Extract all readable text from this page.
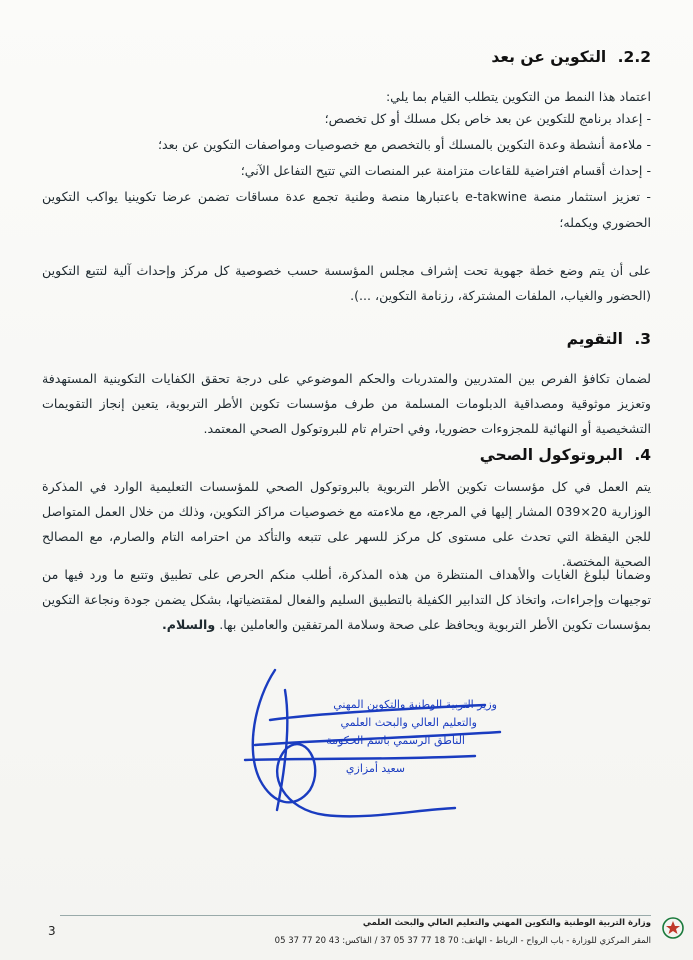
2.2. التكوين عن بعد

اعتماد هذا النمط من التكوين يتطلب القيام بما يلي:

- إعداد برنامج للتكوين عن بعد خاص بكل مسلك أو كل تخصص؛
- ملاءمة أنشطة وعدة التكوين بالمسلك أو بالتخصص مع خصوصيات ومواصفات التكوين عن بعد؛
- إحداث أقسام افتراضية للقاعات متزامنة عبر المنصات التي تتيح التفاعل الآني؛
- تعزيز استثمار منصة e-takwine باعتبارها منصة وطنية تجمع عدة مساقات تضمن عرضا تكوينيا يواكب التكوين الحضوري ويكمله؛

على أن يتم وضع خطة جهوية تحت إشراف مجلس المؤسسة حسب خصوصية كل مركز وإحداث آلية لتتبع التكوين (الحضور والغياب، الملفات المشتركة، رزنامة التكوين، ...).

3. التقويم

لضمان تكافؤ الفرص بين المتدربين والمتدربات والحكم الموضوعي على درجة تحقق الكفايات التكوينية المستهدفة وتعزيز موثوقية ومصداقية الدبلومات المسلمة من طرف مؤسسات تكوين الأطر التربوية، يتعين إنجاز التقويمات التشخيصية أو النهائية للمجزوءات حضوريا، وفي احترام تام للبروتوكول الصحي المعتمد.

4. البروتوكول الصحي

يتم العمل في كل مؤسسات تكوين الأطر التربوية بالبروتوكول الصحي للمؤسسات التعليمية الوارد في المذكرة الوزارية 20×039 المشار إليها في المرجع، مع ملاءمته مع خصوصيات مراكز التكوين، وذلك من خلال العمل المتواصل للجن اليقظة التي تحدث على مستوى كل مركز للسهر على تتبعه والتأكد من احترامه التام والصارم، مع المصالح الصحية المختصة.

وضمانا لبلوغ الغايات والأهداف المنتظرة من هذه المذكرة، أطلب منكم الحرص على تطبيق وتتبع ما ورد فيها من توجيهات وإجراءات، واتخاذ كل التدابير الكفيلة بالتطبيق السليم والفعال لمقتضياتها، بشكل يضمن جودة ونجاعة التكوين بمؤسسات تكوين الأطر التربوية ويحافظ على صحة وسلامة المرتفقين والعاملين بها. والسلام.

وزير التربية الوطنية والتكوين المهني
والتعليم العالي والبحث العلمي
الناطق الرسمي باسم الحكومة
سعيد أمزازي
وزارة التربية الوطنية والتكوين المهني والتعليم العالي والبحث العلمي
المقر المركزي للوزارة - باب الرواح - الرباط - الهاتف: 70 18 77 37 05 37 / الفاكس: 43 20 77 37 05
3
